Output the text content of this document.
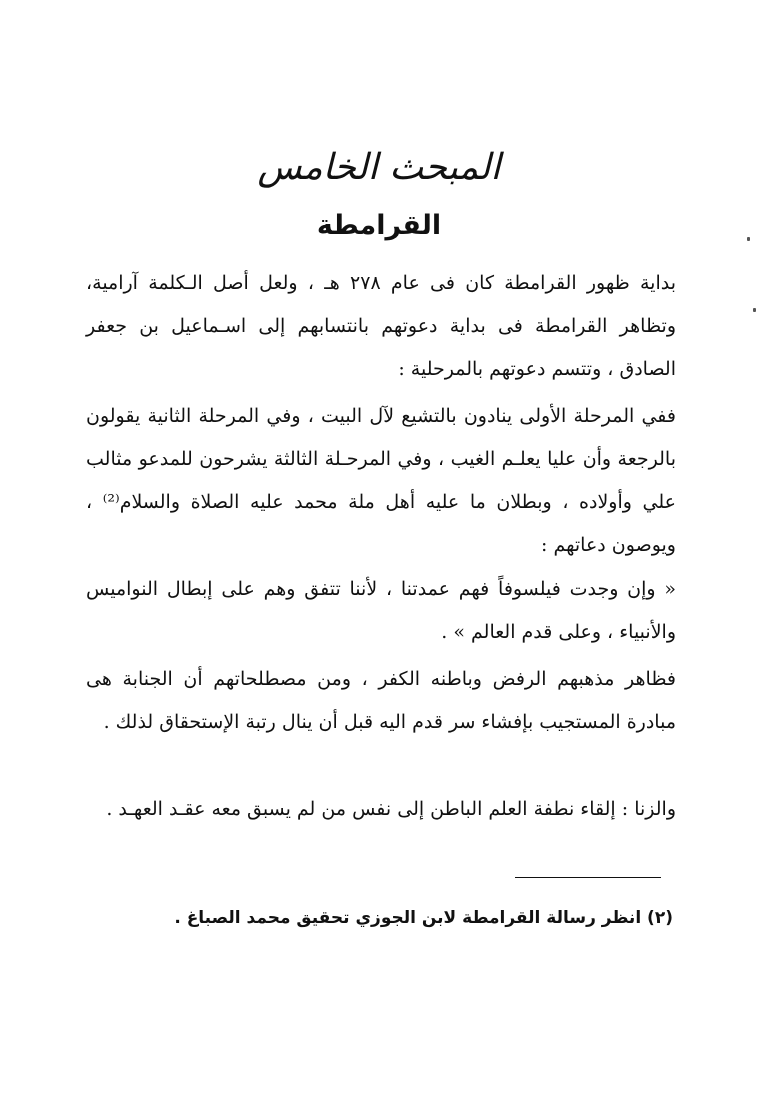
المبحث الخامس
القرامطة

بداية ظهور القرامطة كان فى عام ٢٧٨ هـ ، ولعل أصل الـكلمة آرامية، وتظاهر القرامطة فى بداية دعوتهم بانتسابهم إلى اسـماعيل بن جعفر الصادق ، وتتسم دعوتهم بالمرحلية :

ففي المرحلة الأولى ينادون بالتشيع لآل البيت ، وفي المرحلة الثانية يقولون بالرجعة وأن عليا يعلـم الغيب ، وفي المرحـلة الثالثة يشرحون للمدعو مثالب علي وأولاده ، وبطلان ما عليه أهل ملة محمد عليه الصلاة والسلام⁽²⁾ ، ويوصون دعاتهم :

« وإن وجدت فيلسوفاً فهم عمدتنا ، لأننا تتفق وهم على إبطال النواميس والأنبياء ، وعلى قدم العالم » .

فظاهر مذهبهم الرفض وباطنه الكفر ، ومن مصطلحاتهم أن الجنابة هى مبادرة المستجيب بإفشاء سر قدم اليه قبل أن ينال رتبة الإستحقاق لذلك .

والزنا : إلقاء نطفة العلم الباطن إلى نفس من لم يسبق معه عقـد العهـد .

(٢) انظر رسالة القرامطة لابن الجوزي تحقيق محمد الصباغ .
